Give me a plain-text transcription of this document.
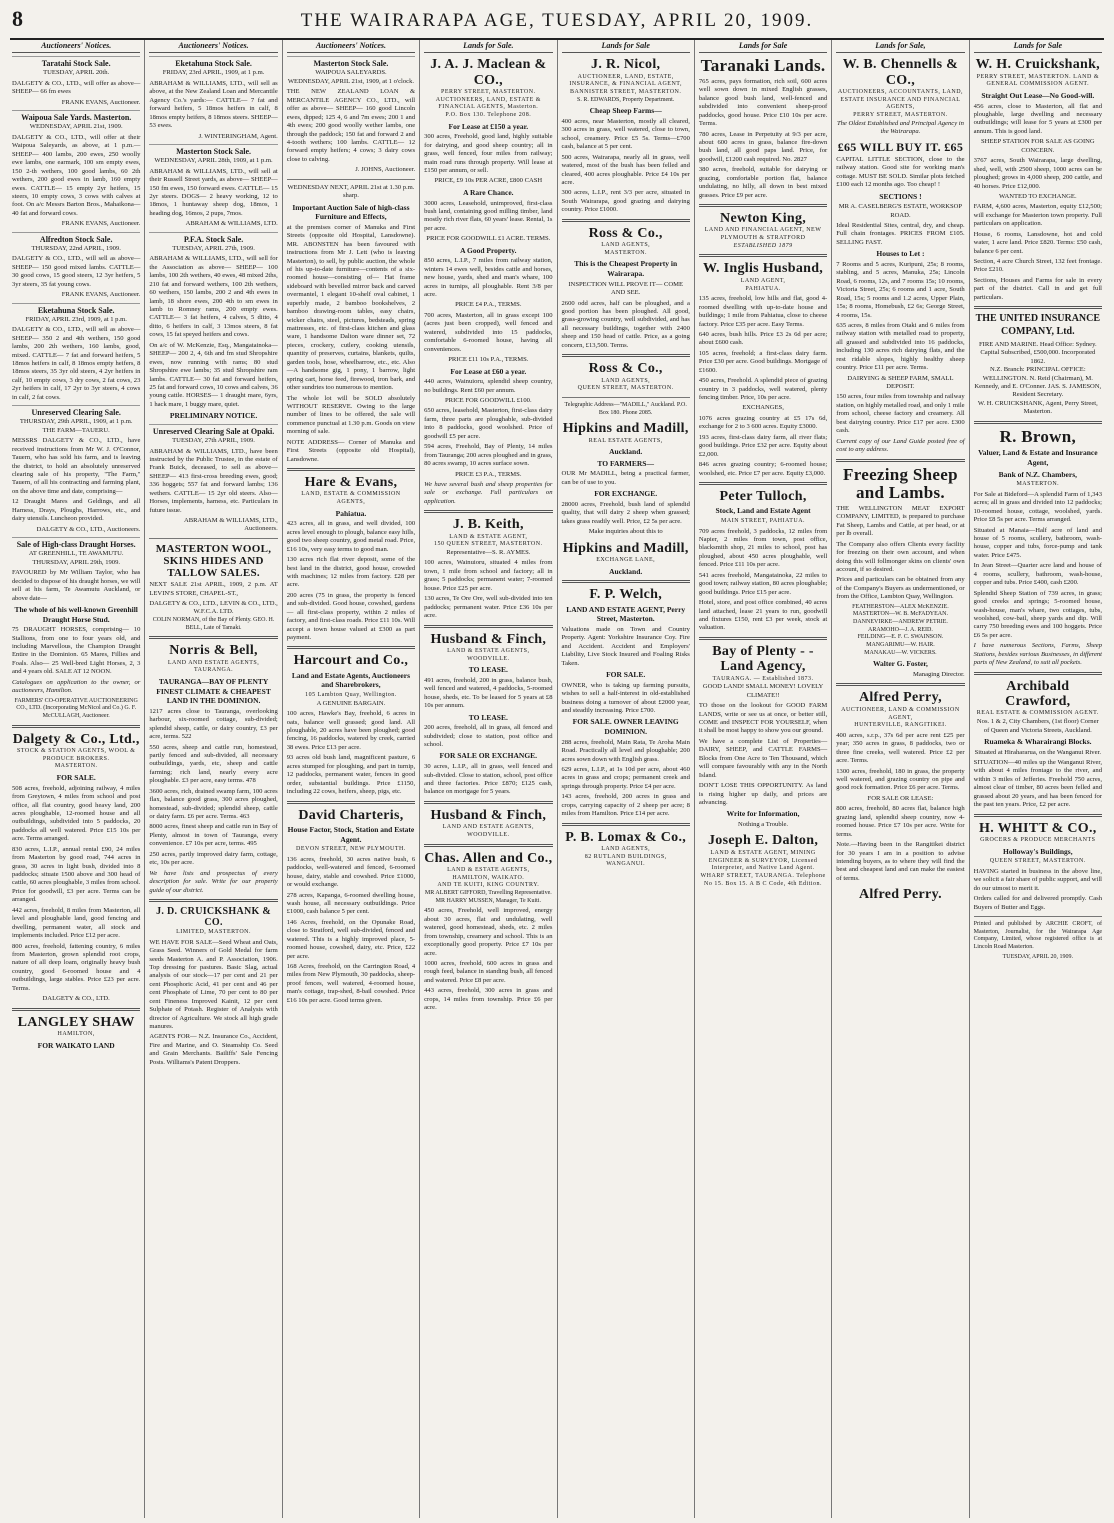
8	THE WAIRARAPA AGE, TUESDAY, APRIL 20, 1909.
Auctioneers' Notices.
Taratahi Stock Sale.
TUESDAY, APRIL 20th.
DALGETY & CO., LTD., will offer as above— SHEEP— 66 fm ewes
FRANK EVANS, Auctioneer.
Waipoua Sale Yards. Masterton.
WEDNESDAY, APRIL 21st, 1909.
DALGETY & CO., LTD., will offer at their Waipoua Saleyards, as above, at 1 p.m.— SHEEP— 400 lambs, 200 ewes, 250 woolly ewe lambs, one earmark, 100 sm empty ewes, 150 2-th wethers, 100 good lambs, 60 2th wethers, 200 good ewes in lamb, 160 empty ewes. CATTLE— 15 empty 2yr heifers, 15 steers, 10 empty cows, 3 cows with calves at foot. On a/c Messrs Barton Bros., Mahaikona— 40 fat and forward cows.
FRANK EVANS, Auctioneer.
Alfredton Stock Sale.
THURSDAY, 22nd APRIL, 1909.
DALGETY & CO., LTD., will sell as above— SHEEP— 150 good mixed lambs. CATTLE— 30 good cows, 15 good steers, 12 3yr heifers, 5 3yr steers, 35 fat young cows.
FRANK EVANS, Auctioneer.
Eketahuna Stock Sale.
FRIDAY, APRIL 23rd, 1909, at 1 p.m.
DALGETY & CO., LTD., will sell as above— SHEEP— 350 2 and 4th wethers, 150 good lambs, 200 2th wethers, 160 lambs, good, mixed. CATTLE— 7 fat and forward heifers, 5 18mos heifers in calf, 8 18mos empty heifers, 8 18mos steers, 35 3yr old steers, 4 2yr heifers in calf, 10 empty cows, 3 dry cows, 2 fat cows, 23 2yr heifers in calf, 17 2yr to 3yr steers, 4 cows in calf, 2 fat cows.
Unreserved Clearing Sale.
THURSDAY, 29th APRIL, 1909, at 1 p.m.
THE FARM—TAUERU.
MESSRS DALGETY & CO., LTD., have received instructions from Mr W. J. O'Connor, Tauern, who has sold his farm, and is leaving the district, to hold an absolutely unreserved clearing sale of his property, "The Farm," Tauern, of all his contracting and farming plant, on the above time and date, comprising—
12 Draught Mares and Geldings, and all Harness, Drays, Ploughs, Harrows, etc., and dairy utensils. Luncheon provided.
DALGETY & CO., LTD., Auctioneers.
Sale of High-class Draught Horses.
AT GREENHILL, TE AWAMUTU.
THURSDAY, APRIL 29th, 1909.
FAVOURED by Mr William Taylor, who has decided to dispose of his draught horses, we will sell at his farm, Te Awamutu Auckland, or above date—
The whole of his well-known Greenhill Draught Horse Stud.
75 DRAUGHT HORSES, comprising— 10 Stallions, from one to four years old, and including Marvellous, the Champion Draught Entire in the Dominion. 65 Mares, Fillies and Foals. Also— 25 Well-bred Light Horses, 2, 3 and 4 years old. SALE AT 12 NOON.
Catalogues on application to the owner, or auctioneers, Hamilton.
FARMERS' CO-OPERATIVE AUCTIONEERING CO., LTD. (Incorporating McNicol and Co.) G. F. McCULLAGH, Auctioneer.
Dalgety & Co., Ltd.,
STOCK & STATION AGENTS, WOOL & PRODUCE BROKERS.
MASTERTON.
FOR SALE.
508 acres, freehold, adjoining railway, 4 miles from Greytown, 4 miles from school and post office, all flat country, good heavy land, 200 acres ploughable, 12-roomed house and all outbuildings, subdivided into 5 paddocks, 20 paddocks all well watered. Price £15 10s per acre. Terms arranged.
830 acres, L.I.P., annual rental £90, 24 miles from Masterton by good road, 744 acres in grass, 30 acres in light bush, divided into 8 paddocks; situate 1500 above and 300 head of cattle, 60 acres ploughable, 3 miles from school. Price for goodwill, £3 per acre. Terms can be arranged.
442 acres, freehold, 8 miles from Masterton, all level and ploughable land, good fencing and dwelling, permanent water, all stock and implements included. Price £12 per acre.
800 acres, freehold, fattening country, 6 miles from Masterton, grown splendid root crops, nature of all deep loam, originally heavy bush country, good 6-roomed house and 4 outbuildings, large stables. Price £23 per acre. Terms.
DALGETY & CO., LTD.
LANGLEY SHAW
HAMILTON,
FOR WAIKATO LAND
Auctioneers' Notices.
Eketahuna Stock Sale.
FRIDAY, 23rd APRIL, 1909, at 1 p.m.
ABRAHAM & WILLIAMS, LTD., will sell as above, at the New Zealand Loan and Mercantile Agency Co.'s yards:— CATTLE— 7 fat and forward heifers, 5 18mos heifers in calf, 8 18mos empty heifers, 8 18mos steers. SHEEP— 53 ewes.
J. WINTERINGHAM, Agent.
Masterton Stock Sale.
WEDNESDAY, APRIL 28th, 1909, at 1 p.m.
ABRAHAM & WILLIAMS, LTD., will sell at their Russell Street yards, as above— SHEEP— 150 fm ewes, 150 forward ewes. CATTLE— 15 2yr steers. DOGS— 2 heavy working, 12 to 18mos, 1 huntaway sheep dog, 18mos, 1 heading dog, 16mos, 2 pups, 7mos.
ABRAHAM & WILLIAMS, LTD.
P.F.A. Stock Sale.
TUESDAY, APRIL 27th, 1909.
ABRAHAM & WILLIAMS, LTD., will sell for the Association as above— SHEEP— 100 lambs, 100 2th wethers, 40 ewes, 48 mixed 2ths, 210 fat and forward wethers, 100 2th wethers, 60 wethers, 150 lambs, 200 2 and 4th ewes in lamb, 18 shore ewes, 200 4th to sm ewes in lamb to Romney rams, 200 empty ewes. CATTLE— 3 fat heifers, 4 calves, 5 ditto, 4 ditto, 6 heifers in calf, 3 13mos steers, 8 fat cows, 15 fat speyed heifers and cows.
On a/c of W. McKenzie, Esq., Mangatainoka— SHEEP— 200 2, 4, 6th and fm stud Shropshire ewes, now running with rams; 80 stud Shropshire ewe lambs; 35 stud Shropshire ram lambs. CATTLE— 30 fat and forward heifers, 25 fat and forward cows, 10 cows and calves, 36 young cattle. HORSES— 1 draught mare, 6yrs, 1 hack mare, 1 buggy mare, quiet.
PRELIMINARY NOTICE.
Unreserved Clearing Sale at Opaki.
TUESDAY, 27th APRIL, 1909.
ABRAHAM & WILLIAMS, LTD., have been instructed by the Public Trustee, in the estate of Frank Buick, deceased, to sell as above— SHEEP— 413 first-cross breeding ewes, good; 336 hoggets; 557 fat and forward lambs; 136 wethers. CATTLE— 15 2yr old steers. Also—Horses, implements, harness, etc. Particulars in future issue.
ABRAHAM & WILLIAMS, LTD., Auctioneers.
MASTERTON WOOL, SKINS HIDES AND TALLOW SALES.
NEXT SALE 21st APRIL, 1909, 2 p.m. AT LEVIN'S STORE, CHAPEL-ST.,
DALGETY & CO., LTD., LEVIN & CO., LTD., W.F.C.A. LTD.
COLIN NORMAN, of the Bay of Plenty. GEO. H. BELL, Late of Tamaki.
Norris & Bell,
LAND AND ESTATE AGENTS, TAURANGA.
TAURANGA—BAY OF PLENTY FINEST CLIMATE & CHEAPEST LAND IN THE DOMINION.
1217 acres close to Tauranga, overlooking harbour, six-roomed cottage, sub-divided; splendid sheep, cattle, or dairy country, £3 per acre, terms. 522
550 acres, sheep and cattle run, homestead, partly fenced and sub-divided, all necessary outbuildings, yards, etc, sheep and cattle farming; rich land, nearly every acre ploughable. £3 per acre, easy terms. 478
3600 acres, rich, drained swamp farm, 100 acres flax, balance good grass, 300 acres ploughed, homestead, sub-divided; splendid sheep, cattle or dairy farm. £6 per acre. Terms. 463
8000 acres, finest sheep and cattle run in Bay of Plenty, almost in town of Tauranga, every convenience. £7 10s per acre, terms. 495
250 acres, partly improved dairy farm, cottage, etc, 10s per acre.
We have lists and prospectus of every description for sale. Write for our property guide of our district.
J. D. CRUICKSHANK & CO.
LIMITED, MASTERTON.
WE HAVE FOR SALE—Seed Wheat and Oats, Grass Seed. Winners of Gold Medal for farm seeds Masterton A. and P. Association, 1906. Top dressing for pastures. Basic Slag, actual analysis of our stock—17 per cent and 21 per cent Phosphoric Acid, 41 per cent and 46 per cent Phosphate of Lime, 70 per cent to 80 per cent Fineness Improved Kainit, 12 per cent Sulphate of Potash. Register of Analysis with director of Agriculture. We stock all high grade manures.
AGENTS FOR— N.Z. Insurance Co., Accident, Fire and Marine, and O. Steamship Co. Seed and Grain Merchants. Bailiffs' Sale Fencing Posts. Williams's Patent Droppers.
Auctioneers' Notices.
Masterton Stock Sale.
WAIPOUA SALEYARDS.
WEDNESDAY, APRIL 21st, 1909, at 1 o'clock.
THE NEW ZEALAND LOAN & MERCANTILE AGENCY CO., LTD., will offer as above— SHEEP— 160 good Lincoln ewes, dipped; 125 4, 6 and 7m ewes; 200 1 and 4th ewes; 200 good woolly wether lambs, one through the paddock; 150 fat and forward 2 and 4-tooth wethers; 100 lambs. CATTLE— 12 forward empty heifers; 4 cows; 3 dairy cows close to calving.
J. JOHNS, Auctioneer.
WEDNESDAY NEXT, APRIL 21st at 1.30 p.m. sharp.
Important Auction Sale of high-class Furniture and Effects,
at the premises corner of Manuka and First Streets (opposite old Hospital, Lansdowne). MR. ABONSTEN has been favoured with instructions from Mr J. Lett (who is leaving Masterton), to sell, by public auction, the whole of his up-to-date furniture—contents of a six-roomed house—consisting of— Hat frame sideboard with bevelled mirror back and carved overmantel, 1 elegant 10-shelf oval cabinet, 1 superbly made, 2 bamboo bookshelves, 2 bamboo drawing-room tables, easy chairs, wicker chairs, steel, pictures, bedsteads, spring mattresses, etc. of first-class kitchen and glass ware, 1 handsome Dalton ware dinner set, 72 pieces, crockery, cutlery, cooking utensils, quantity of preserves, curtains, blankets, quilts, garden tools, hose, wheelbarrow, etc., etc. Also—A handsome gig, 1 pony, 1 barrow, light spring cart, horse feed, firewood, iron bark, and other sundries too numerous to mention.
The whole lot will be SOLD absolutely WITHOUT RESERVE. Owing to the large number of lines to be offered, the sale will commence punctual at 1.30 p.m. Goods on view morning of sale.
NOTE ADDRESS— Corner of Manuka and First Streets (opposite old Hospital), Lansdowne.
Hare & Evans,
LAND, ESTATE & COMMISSION AGENTS,
Pahiatua.
423 acres, all in grass, and well divided, 100 acres level enough to plough, balance easy hills, good two sheep country, good metal road. Price, £16 10s, very easy terms to good man.
130 acres rich flat river deposit, some of the best land in the district, good house, crowded with machines; 12 miles from factory. £28 per acre.
200 acres (75 in grass, the property is fenced and sub-divided. Good house, cowshed, gardens— all first-class property, within 2 miles of factory, and first-class roads. Price £11 10s. Will accept a town house valued at £300 as part payment.
Harcourt and Co.,
Land and Estate Agents, Auctioneers and Sharebrokers,
105 Lambton Quay, Wellington.
A GENUINE BARGAIN.
100 acres, Hawke's Bay, freehold, 6 acres in oats, balance well grassed; good land. All ploughable, 20 acres have been ploughed; good fencing, 16 paddocks, watered by creek, carried 38 ewes. Price £13 per acre.
93 acres old bush land, magnificent pasture, 6 acres stumped for ploughing, and part in turnip, 12 paddocks, permanent water, fences in good order, substantial buildings. Price £1150, including 22 cows, heifers, sheep, pigs, etc.
David Charteris,
House Factor, Stock, Station and Estate Agent.
DEVON STREET, NEW PLYMOUTH.
136 acres, freehold, 30 acres native bush, 6 paddocks, well-watered and fenced, 6-roomed house, dairy, stable and cowshed. Price £1000, or would exchange.
278 acres, Kapanga, 6-roomed dwelling house, wash house, all necessary outbuildings. Price £1000, cash balance 5 per cent.
146 Acres, freehold, on the Opunake Road, close to Stratford, well sub-divided, fenced and watered. This is a highly improved place, 5-roomed house, cowshed, dairy, etc. Price, £22 per acre.
168 Acres, freehold, on the Carrington Road, 4 miles from New Plymouth, 30 paddocks, sheep-proof fences, well watered, 4-roomed house, man's cottage, trap-shed, 8-bail cowshed. Price £16 10s per acre. Good terms given.
Lands for Sale.
J. A. J. Maclean & CO.,
PERRY STREET, MASTERTON. AUCTIONEERS, LAND, ESTATE & FINANCIAL AGENTS, Masterton.
P.O. Box 130. Telephone 208.
For Lease at £150 a year.
300 acres, Freehold, good land, highly suitable for dairying, and good sheep country; all in grass, well fenced, four miles from railway; main road runs through property. Will lease at £150 per annum, or sell.
PRICE, £9 10s PER ACRE, £800 CASH
A Rare Chance.
3000 acres, Leasehold, unimproved, first-class bush land, containing good milling timber, land mostly rich river flats, 60 years' lease. Rental, 1s per acre.
PRICE FOR GOODWILL £1 ACRE. TERMS.
A Good Property.
850 acres, L.I.P., 7 miles from railway station, winters 14 ewes well, besides cattle and horses, new house, yards, shed and man's whare, 100 acres in turnips, all ploughable. Rent 3/8 per acre.
PRICE £4 P.A., TERMS.
700 acres, Masterton, all in grass except 100 (acres just been cropped), well fenced and watered, subdivided into 15 paddocks, comfortable 6-roomed house, having all conveniences.
PRICE £11 10s P.A., TERMS.
For Lease at £60 a year.
440 acres, Wainuioru, splendid sheep country, no buildings. Rent £60 per annum.
PRICE FOR GOODWILL £100.
650 acres, leasehold, Masterton, first-class dairy farm, three parts are ploughable, sub-divided into 8 paddocks, good woolshed. Price of goodwill £5 per acre.
594 acres, Freehold, Bay of Plenty, 14 miles from Tauranga; 200 acres ploughed and in grass, 80 acres swamp, 10 acres surface sown.
PRICE £3 P.A., TERMS.
We have several bush and sheep properties for sale or exchange. Full particulars on application.
J. B. Keith,
LAND & ESTATE AGENT,
150 QUEEN STREET, MASTERTON.
Representative—S. R. AYMES.
100 acres, Wainuioru, situated 4 miles from town, 1 mile from school and factory; all in grass; 5 paddocks; permanent water; 7-roomed house. Price £25 per acre.
130 acres, Te Ore Ore, well sub-divided into ten paddocks; permanent water. Price £36 10s per acre.
Husband & Finch,
LAND & ESTATE AGENTS,
WOODVILLE.
TO LEASE.
491 acres, freehold, 200 in grass, balance bush, well fenced and watered, 4 paddocks, 5-roomed house, sheds, etc. To be leased for 5 years at £8 10s per annum.
TO LEASE.
200 acres, freehold, all in grass, all fenced and subdivided; close to station, post office and school.
FOR SALE OR EXCHANGE.
30 acres, L.I.P., all in grass, well fenced and sub-divided. Close to station, school, post office and three factories. Price £870; £125 cash, balance on mortgage for 5 years.
Husband & Finch,
LAND AND ESTATE AGENTS,
WOODVILLE.
Chas. Allen and Co.,
LAND & ESTATE AGENTS,
HAMILTON, WAIKATO.
AND TE KUITI, KING COUNTRY.
MR ALBERT GIFFORD, Travelling Representative. MR HARRY MUSSEN, Manager, Te Kuiti.
450 acres, Freehold, well improved, energy about 30 acres, flat and undulating, well watered, good homestead, sheds, etc. 2 miles from township, creamery and school. This is an exceptionally good property. Price £7 10s per acre.
1000 acres, freehold, 600 acres in grass and rough feed, balance in standing bush, all fenced and watered. Price £8 per acre.
443 acres, freehold, 300 acres in grass and crops, 14 miles from township. Price £6 per acre.
Lands for Sale
J. R. Nicol,
AUCTIONEER, LAND, ESTATE, INSURANCE, & FINANCIAL AGENT,
BANNISTER STREET, MASTERTON.
S. R. EDWARDS, Property Department.
Cheap Sheep Farms—
400 acres, near Masterton, mostly all cleared, 300 acres in grass, well watered, close to town, school, creamery. Price £5 5s. Terms—£700 cash, balance at 5 per cent.
500 acres, Wairarapa, nearly all in grass, well watered, most of the bush has been felled and cleared, 400 acres ploughable. Price £4 10s per acre.
300 acres, L.I.P., rent 3/3 per acre, situated in South Wairarapa, good grazing and dairying country. Price £1000.
Ross & Co.,
LAND AGENTS,
MASTERTON.
This is the Cheapest Property in Wairarapa.
INSPECTION WILL PROVE IT— COME AND SEE.
2600 odd acres, half can be ploughed, and a good portion has been ploughed. All good, grass-growing country, well subdivided, and has all necessary buildings, together with 2400 sheep and 150 head of cattle. Price, as a going concern, £13,500. Terms.
Ross & Co.,
LAND AGENTS,
QUEEN STREET, MASTERTON.
Telegraphic Address—"MADILL," Auckland. P.O. Box 180. Phone 2085.
Hipkins and Madill,
REAL ESTATE AGENTS,
Auckland.
TO FARMERS—
OUR Mr MADILL, being a practical farmer, can be of use to you.
FOR EXCHANGE.
28000 acres, Freehold, bush land of splendid quality, that will dairy 2 sheep when grassed; takes grass readily well. Price, £2 5s per acre.
Make inquiries about this to
Hipkins and Madill,
EXCHANGE LANE,
Auckland.
F. P. Welch,
LAND AND ESTATE AGENT, Perry Street, Masterton.
Valuations made on Town and Country Property. Agent: Yorkshire Insurance Coy. Fire and Accident. Accident and Employers' Liability, Live Stock Insured and Foaling Risks Taken.
FOR SALE.
OWNER, who is taking up farming pursuits, wishes to sell a half-interest in old-established business doing a turnover of about £2000 year, and steadily increasing. Price £700.
FOR SALE. OWNER LEAVING DOMINION.
288 acres, freehold, Main Rata, Te Aroha Main Road. Practically all level and ploughable; 200 acres sown down with English grass.
629 acres, L.I.P., at 1s 10d per acre, about 460 acres in grass and crops; permanent creek and springs through property. Price £4 per acre.
143 acres, freehold, 200 acres in grass and crops, carrying capacity of 2 sheep per acre; 8 miles from Hamilton. Price £14 per acre.
P. B. Lomax & Co.,
LAND AGENTS,
82 RUTLAND BUILDINGS,
WANGANUI.
Lands for Sale
Taranaki Lands.
765 acres, pays formation, rich soil, 600 acres well sown down in mixed English grasses, balance good bush land, well-fenced and subdivided into convenient sheep-proof paddocks, good house. Price £10 10s per acre. Terms.
780 acres, Lease in Perpetuity at 9/3 per acre, about 600 acres in grass, balance fire-down bush land, all good paps land. Price, for goodwill, £1200 cash required. No. 2827
380 acres, freehold, suitable for dairying or grazing, comfortable portion flat, balance undulating, no hilly, all down in best mixed grasses. Price £9 per acre.
Newton King,
LAND AND FINANCIAL AGENT, NEW PLYMOUTH & STRATFORD
ESTABLISHED 1879
W. Inglis Husband,
LAND AGENT,
PAHIATUA.
135 acres, freehold, low hills and flat, good 4-roomed dwelling with up-to-date house and buildings; 1 mile from Pahiatua, close to cheese factory. Price £35 per acre. Easy Terms.
640 acres, bush hills. Price £3 2s 6d per acre; about £600 cash.
105 acres, freehold; a first-class dairy farm. Price £30 per acre. Good buildings. Mortgage of £1600.
450 acres, Freehold. A splendid piece of grazing country in 3 paddocks, well watered, plenty fencing timber. Price, 10s per acre.
EXCHANGES,
1076 acres grazing country at £5 17s 6d, exchange for 2 to 3 600 acres. Equity £3000.
193 acres, first-class dairy farm, all river flats; good buildings. Price £32 per acre. Equity about £2,000.
846 acres grazing country; 6-roomed house; woolshed, etc. Price £7 per acre. Equity £3,000.
Peter Tulloch,
Stock, Land and Estate Agent
MAIN STREET, PAHIATUA.
709 acres freehold, 3 paddocks, 12 miles from Napier, 2 miles from town, post office, blacksmith shop, 21 miles to school, post has ploughed, about 450 acres ploughable, well fenced. Price £11 10s per acre.
541 acres freehold, Mangatainoka, 22 miles to good town; railway station, 80 acres ploughable; good buildings. Price £15 per acre.
Hotel, store, and post office combined, 40 acres land attached, lease 21 years to run, goodwill and fixtures £150, rent £3 per week, stock at valuation.
Bay of Plenty - - Land Agency,
TAURANGA. — Established 1873.
GOOD LAND! SMALL MONEY! LOVELY CLIMATE!!
TO those on the lookout for GOOD FARM LANDS, write or see us at once, or better still, COME and INSPECT FOR YOURSELF, when it shall be most happy to show you our ground.
We have a complete List of Properties—DAIRY, SHEEP, and CATTLE FARMS—Blocks from One Acre to Ten Thousand, which will compare favourably with any in the North Island.
DON'T LOSE THIS OPPORTUNITY. As land is rising higher up daily, and prices are advancing.
Write for Information,
Nothing a Trouble.
Joseph E. Dalton,
LAND & ESTATE AGENT, MINING ENGINEER & SURVEYOR, Licensed Interpreter, and Native Land Agent.
WHARF STREET, TAURANGA. Telephone No 15. Box 15. A B C Code, 4th Edition.
Lands for Sale,
W. B. Chennells & CO.,
AUCTIONEERS, ACCOUNTANTS, LAND, ESTATE INSURANCE AND FINANCIAL AGENTS,
PERRY STREET, MASTERTON.
The Oldest Established and Principal Agency in the Wairarapa.
£65 WILL BUY IT. £65
CAPITAL LITTLE SECTION, close to the railway station. Good site for working man's cottage. MUST BE SOLD. Similar plots fetched £100 each 12 months ago. Too cheap! !
SECTIONS !
MR A. CASELBERG'S ESTATE, WORKSOP ROAD.
Ideal Residential Sites, central, dry, and cheap. Full chain frontages. PRICES FROM £105. SELLING FAST.
Houses to Let :
7 Rooms and 5 acres, Kuripuni, 25s; 8 rooms, stabling, and 5 acres, Manuka, 25s; Lincoln Road, 6 rooms, 12s, and 7 rooms 15s; 10 rooms, Victoria Street, 25s; 6 rooms and 1 acre, South Road, 15s; 5 rooms and 1.2 acres, Upper Plain, 15s; 8 rooms, Homebush, £2 6s; George Street, 4 rooms, 15s.
635 acres, 8 miles from Otaki and 6 miles from railway station with metalled road to property, all grassed and subdivided into 16 paddocks, including 130 acres rich dairying flats, and the rest ridable slopes, highly healthy sheep country. Price £11 per acre. Terms.
DAIRYING & SHEEP FARM, SMALL DEPOSIT.
150 acres, four miles from township and railway station, on highly metalled road, and only 1 mile from school, cheese factory and creamery. All best dairying country. Price £17 per acre. £300 cash.
Current copy of our Land Guide posted free of cost to any address.
Freezing Sheep and Lambs.
THE WELLINGTON MEAT EXPORT COMPANY, LIMITED, is prepared to purchase Fat Sheep, Lambs and Cattle, at per head, or at per lb overall.
The Company also offers Clients every facility for freezing on their own account, and when doing this will follmonger skins on clients' own account, if so desired.
Prices and particulars can be obtained from any of the Company's Buyers as undermentioned, or from the Office, Lambton Quay, Wellington.
FEATHERSTON—ALEX McKENZIE.
MASTERTON—W. B. McFADYEAN.
DANNEVIRKE—ANDREW PETRIE.
ARAMOHO—J. A. REID.
FEILDING—E. F. C. SWAINSON.
MANGARIMU—W. HAIR.
MANAKAU—W. VICKERS.
Walter G. Foster,
Managing Director.
Alfred Perry,
AUCTIONEER, LAND & COMMISSION AGENT,
HUNTERVILLE, RANGITIKEI.
400 acres, s.r.p., 37s 6d per acre rent £25 per year; 350 acres in grass, 8 paddocks, two or three fine creeks, well watered. Price £2 per acre. Terms.
1300 acres, freehold, 180 in grass, the property well watered, and grazing country on pipe and good rock formation. Price £6 per acre. Terms.
FOR SALE OR LEASE:
800 acres, freehold, 80 acres flat, balance high grazing land, splendid sheep country, now 4-roomed house. Price £7 10s per acre. Write for terms.
Note.—Having been in the Rangitikei district for 30 years I am in a position to advise intending buyers, as to where they will find the best and cheapest land and can make the easiest of terms.
Alfred Perry.
Lands for Sale
W. H. Cruickshank,
PERRY STREET, MASTERTON. LAND & GENERAL COMMISSION AGENT.
Straight Out Lease—No Good-will.
456 acres, close to Masterton, all flat and ploughable, large dwelling and necessary outbuildings; will lease for 5 years at £300 per annum. This is good land.
SHEEP STATION FOR SALE AS GOING CONCERN.
3767 acres, South Wairarapa, large dwelling, shed, well, with 2500 sheep, 1000 acres can be ploughed; grows in 4,000 sheep, 200 cattle, and 40 horses. Price £12,000.
WANTED TO EXCHANGE.
FARM, 4,600 acres, Masterton, equity £12,500; will exchange for Masterton town property. Full particulars on application.
House, 6 rooms, Lansdowne, hot and cold water, 1 acre land. Price £820. Terms: £50 cash, balance 6 per cent.
Section, 4 acre Church Street, 132 feet frontage. Price £210.
Sections, Houses and Farms for sale in every part of the district. Call in and get full particulars.
THE UNITED INSURANCE COMPANY, Ltd.
FIRE AND MARINE. Head Office: Sydney. Capital Subscribed, £500,000. Incorporated 1862.
N.Z. Branch: PRINCIPAL OFFICE: WELLINGTON. N. Reid (Chairman), M. Kennedy, and E. O'Conner. JAS. S. JAMESON, Resident Secretary.
W. H. CRUICKSHANK, Agent, Perry Street, Masterton.
R. Brown,
Valuer, Land & Estate and Insurance Agent,
Bank of N.Z. Chambers,
MASTERTON.
For Sale at Bideford—A splendid Farm of 1,343 acres; all in grass and divided into 12 paddocks; 10-roomed house, cottage, woolshed, yards. Price £8 5s per acre. Terms arranged.
Situated at Manaia—Half acre of land and house of 5 rooms, scullery, bathroom, wash-house, copper and tubs, force-pump and tank water. Price £475.
In Jean Street—Quarter acre land and house of 4 rooms, scullery, bathroom, wash-house, copper and tubs. Price £400, cash £200.
Splendid Sheep Station of 739 acres, in grass; good creeks and springs; 5-roomed house, wash-house, man's whare, two cottages, tubs, woolshed, cow-bail, sheep yards and dip. Will carry 750 breeding ewes and 100 hoggets. Price £6 5s per acre.
I have numerous Sections, Farms, Sheep Stations, besides various Businesses, in different parts of New Zealand, to suit all pockets.
Archibald Crawford,
REAL ESTATE & COMMISSION AGENT.
Nos. 1 & 2, City Chambers, (1st floor) Corner of Queen and Victoria Streets, Auckland.
Ruameka & Wharairangi Blocks.
Situated at Hirahararua, on the Wanganui River.
SITUATION—40 miles up the Wanganui River, with about 4 miles frontage to the river, and within 3 miles of Jefferies. Freehold 750 acres, almost clear of timber, 80 acres been felled and grassed about 20 years, and has been fenced for the past ten years. Price, £2 per acre.
H. WHITT & CO.,
GROCERS & PRODUCE MERCHANTS
Holloway's Buildings,
QUEEN STREET, MASTERTON.
HAVING started in business in the above line, we solicit a fair share of public support, and will do our utmost to merit it.
Orders called for and delivered promptly. Cash Buyers of Butter and Eggs.
Printed and published by ARCHIE CROFT, of Masterton, Journalist, for the Wairarapa Age Company, Limited, whose registered office is at Lincoln Road Masterton.
TUESDAY, APRIL 20, 1909.
